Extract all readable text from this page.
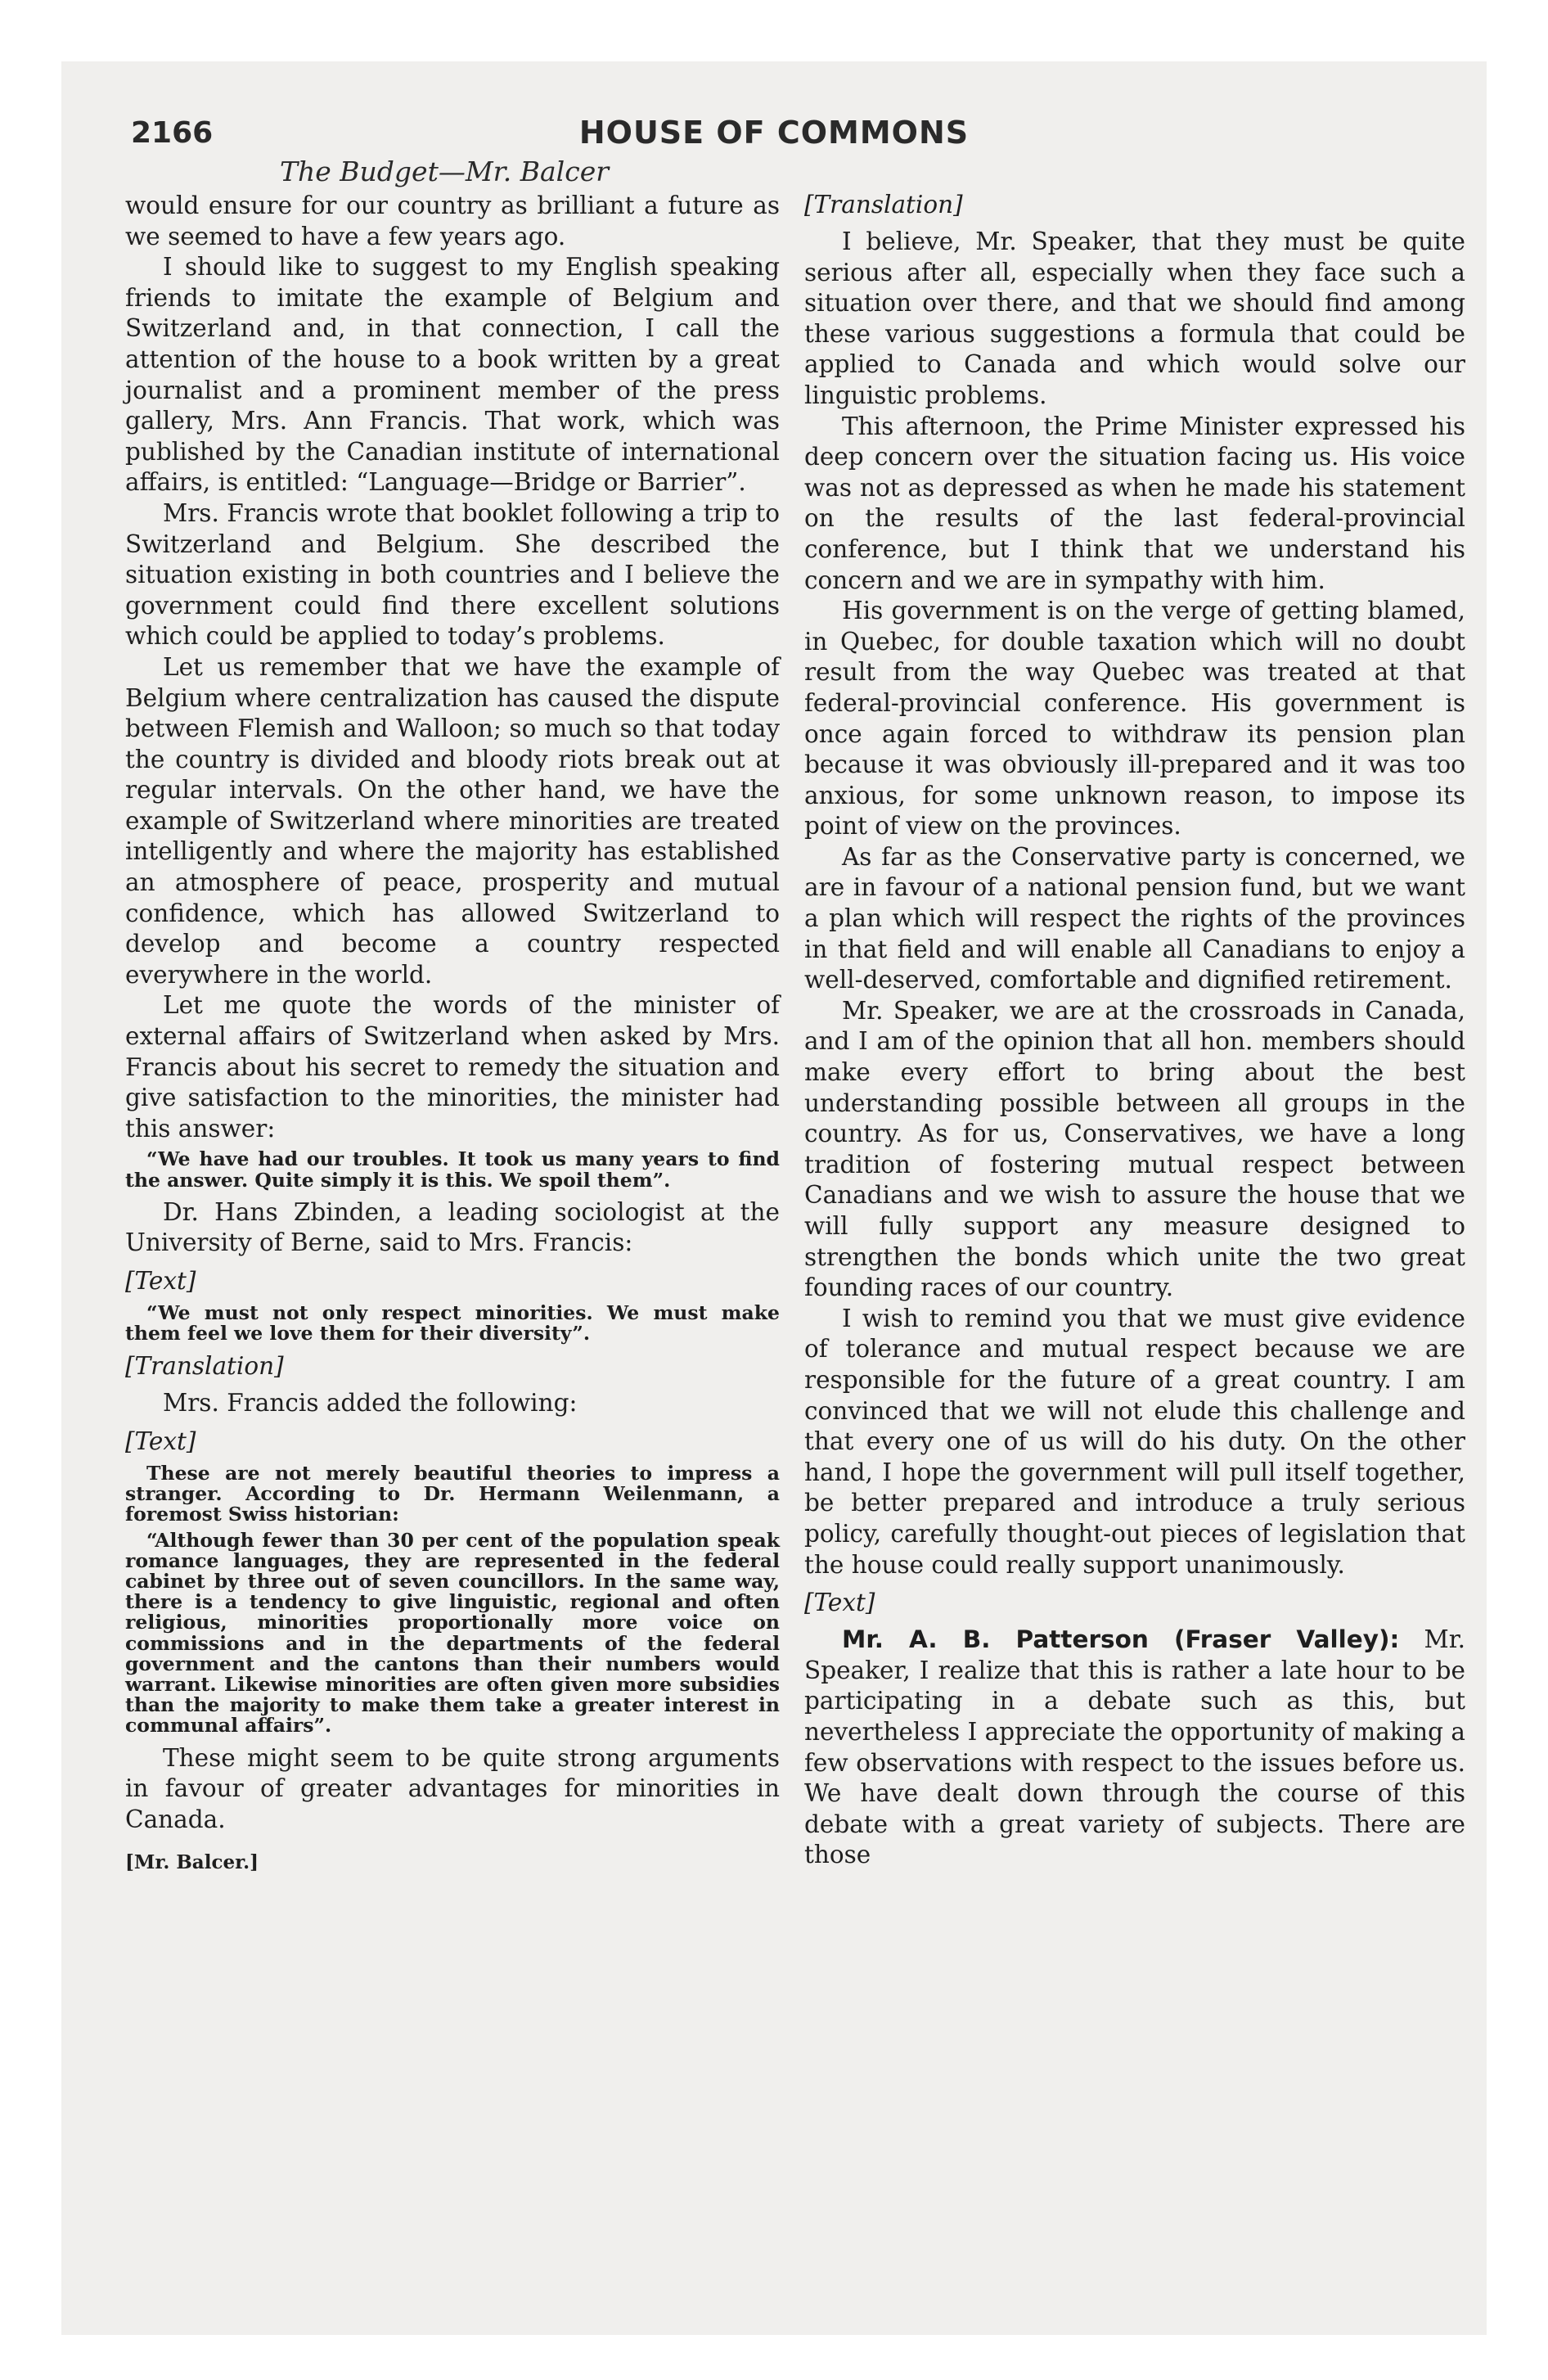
2166	HOUSE OF COMMONS
The Budget—Mr. Balcer

would ensure for our country as brilliant a future as we seemed to have a few years ago.

I should like to suggest to my English speaking friends to imitate the example of Belgium and Switzerland and, in that connection, I call the attention of the house to a book written by a great journalist and a prominent member of the press gallery, Mrs. Ann Francis. That work, which was published by the Canadian institute of international affairs, is entitled: “Language—Bridge or Barrier”.

Mrs. Francis wrote that booklet following a trip to Switzerland and Belgium. She described the situation existing in both countries and I believe the government could find there excellent solutions which could be applied to today’s problems.

Let us remember that we have the example of Belgium where centralization has caused the dispute between Flemish and Walloon; so much so that today the country is divided and bloody riots break out at regular intervals. On the other hand, we have the example of Switzerland where minorities are treated intelligently and where the majority has established an atmosphere of peace, prosperity and mutual confidence, which has allowed Switzerland to develop and become a country respected everywhere in the world.

Let me quote the words of the minister of external affairs of Switzerland when asked by Mrs. Francis about his secret to remedy the situation and give satisfaction to the minorities, the minister had this answer:

“We have had our troubles. It took us many years to find the answer. Quite simply it is this. We spoil them”.

Dr. Hans Zbinden, a leading sociologist at the University of Berne, said to Mrs. Francis:

[Text]
“We must not only respect minorities. We must make them feel we love them for their diversity”.
[Translation]

Mrs. Francis added the following:

[Text]

These are not merely beautiful theories to impress a stranger. According to Dr. Hermann Weilenmann, a foremost Swiss historian:

“Although fewer than 30 per cent of the population speak romance languages, they are represented in the federal cabinet by three out of seven councillors. In the same way, there is a tendency to give linguistic, regional and often religious, minorities proportionally more voice on commissions and in the departments of the federal government and the cantons than their numbers would warrant. Likewise minorities are often given more subsidies than the majority to make them take a greater interest in communal affairs”.

These might seem to be quite strong arguments in favour of greater advantages for minorities in Canada.

[Mr. Balcer.]
[Translation]

I believe, Mr. Speaker, that they must be quite serious after all, especially when they face such a situation over there, and that we should find among these various suggestions a formula that could be applied to Canada and which would solve our linguistic problems.

This afternoon, the Prime Minister expressed his deep concern over the situation facing us. His voice was not as depressed as when he made his statement on the results of the last federal-provincial conference, but I think that we understand his concern and we are in sympathy with him.

His government is on the verge of getting blamed, in Quebec, for double taxation which will no doubt result from the way Quebec was treated at that federal-provincial conference. His government is once again forced to withdraw its pension plan because it was obviously ill-prepared and it was too anxious, for some unknown reason, to impose its point of view on the provinces.

As far as the Conservative party is concerned, we are in favour of a national pension fund, but we want a plan which will respect the rights of the provinces in that field and will enable all Canadians to enjoy a well-deserved, comfortable and dignified retirement.

Mr. Speaker, we are at the crossroads in Canada, and I am of the opinion that all hon. members should make every effort to bring about the best understanding possible between all groups in the country. As for us, Conservatives, we have a long tradition of fostering mutual respect between Canadians and we wish to assure the house that we will fully support any measure designed to strengthen the bonds which unite the two great founding races of our country.

I wish to remind you that we must give evidence of tolerance and mutual respect because we are responsible for the future of a great country. I am convinced that we will not elude this challenge and that every one of us will do his duty. On the other hand, I hope the government will pull itself together, be better prepared and introduce a truly serious policy, carefully thought-out pieces of legislation that the house could really support unanimously.

[Text]

Mr. A. B. Patterson (Fraser Valley): Mr. Speaker, I realize that this is rather a late hour to be participating in a debate such as this, but nevertheless I appreciate the opportunity of making a few observations with respect to the issues before us. We have dealt down through the course of this debate with a great variety of subjects. There are those
